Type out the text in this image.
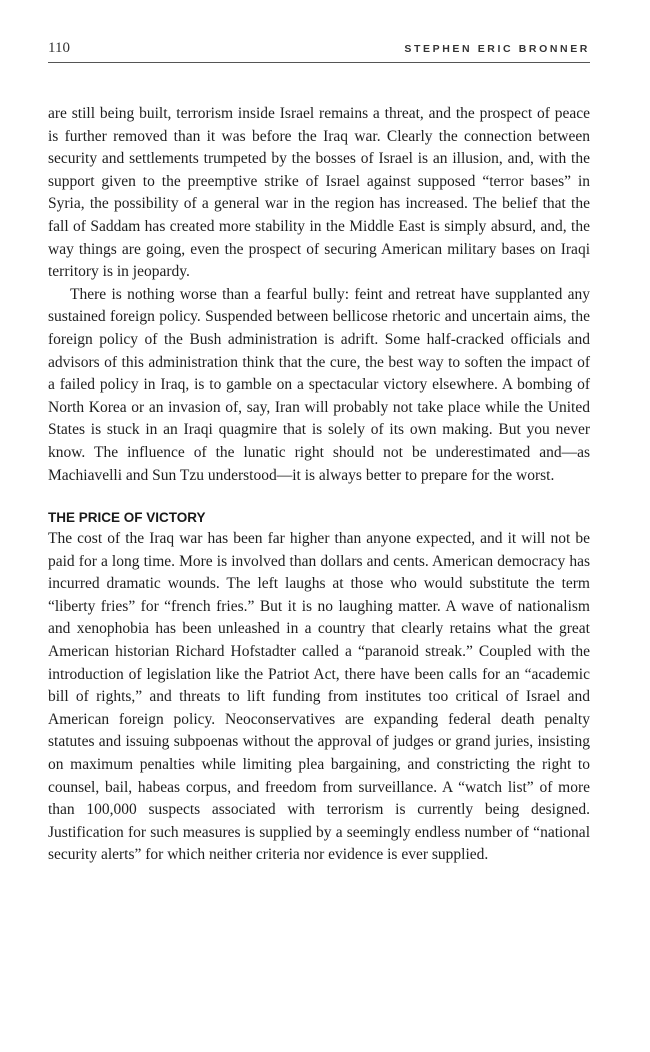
110	STEPHEN ERIC BRONNER

are still being built, terrorism inside Israel remains a threat, and the prospect of peace is further removed than it was before the Iraq war. Clearly the connection between security and settlements trumpeted by the bosses of Israel is an illusion, and, with the support given to the preemptive strike of Israel against supposed “terror bases” in Syria, the possibility of a general war in the region has increased. The belief that the fall of Saddam has created more stability in the Middle East is simply absurd, and, the way things are going, even the prospect of securing American military bases on Iraqi territory is in jeopardy.

There is nothing worse than a fearful bully: feint and retreat have supplanted any sustained foreign policy. Suspended between bellicose rhetoric and uncertain aims, the foreign policy of the Bush administration is adrift. Some half-cracked officials and advisors of this administration think that the cure, the best way to soften the impact of a failed policy in Iraq, is to gamble on a spectacular victory elsewhere. A bombing of North Korea or an invasion of, say, Iran will probably not take place while the United States is stuck in an Iraqi quagmire that is solely of its own making. But you never know. The influence of the lunatic right should not be underestimated and—as Machiavelli and Sun Tzu understood—it is always better to prepare for the worst.

THE PRICE OF VICTORY

The cost of the Iraq war has been far higher than anyone expected, and it will not be paid for a long time. More is involved than dollars and cents. American democracy has incurred dramatic wounds. The left laughs at those who would substitute the term “liberty fries” for “french fries.” But it is no laughing matter. A wave of nationalism and xenophobia has been unleashed in a country that clearly retains what the great American historian Richard Hofstadter called a “paranoid streak.” Coupled with the introduction of legislation like the Patriot Act, there have been calls for an “academic bill of rights,” and threats to lift funding from institutes too critical of Israel and American foreign policy. Neoconservatives are expanding federal death penalty statutes and issuing subpoenas without the approval of judges or grand juries, insisting on maximum penalties while limiting plea bargaining, and constricting the right to counsel, bail, habeas corpus, and freedom from surveillance. A “watch list” of more than 100,000 suspects associated with terrorism is currently being designed. Justification for such measures is supplied by a seemingly endless number of “national security alerts” for which neither criteria nor evidence is ever supplied.
